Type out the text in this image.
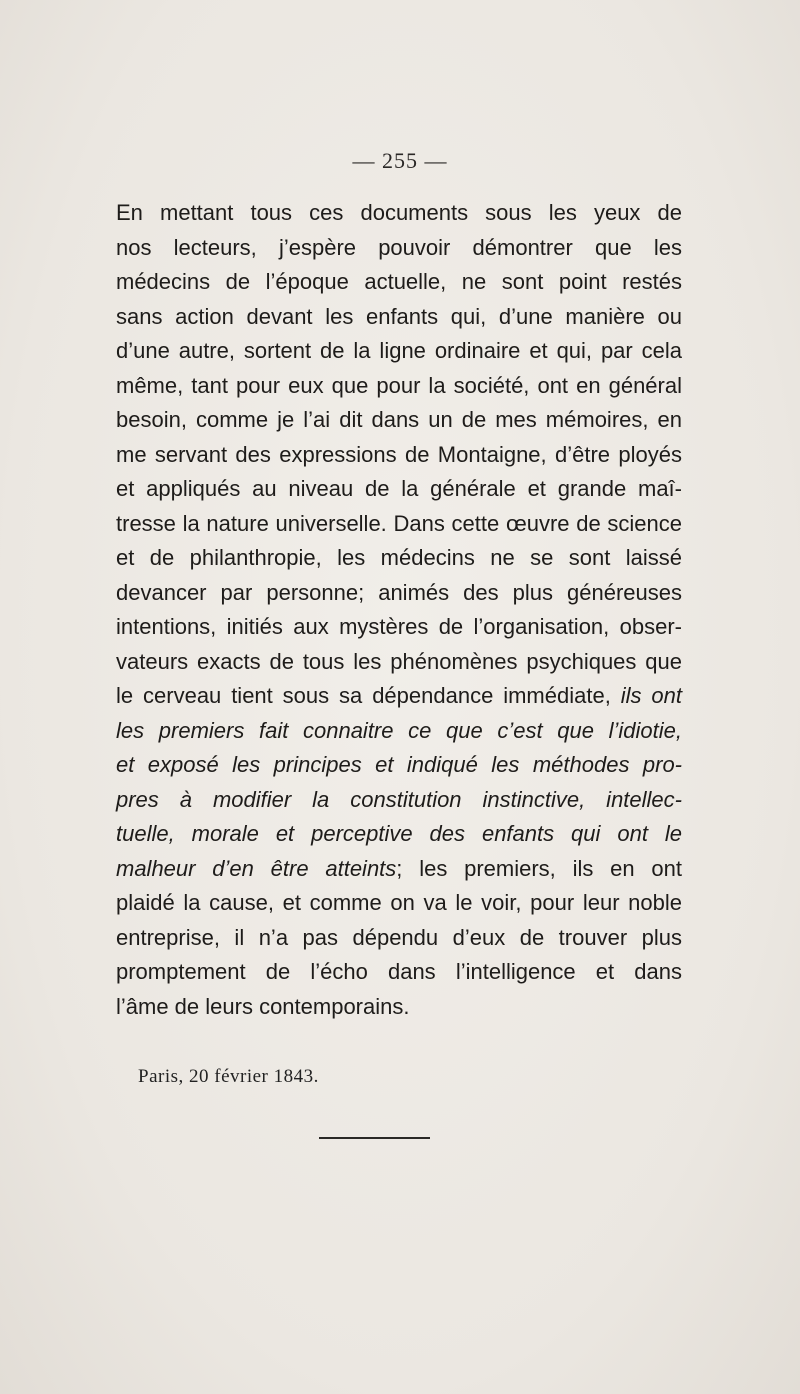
— 255 —
En mettant tous ces documents sous les yeux de
nos lecteurs, j’espère pouvoir démontrer que les
médecins de l’époque actuelle, ne sont point restés
sans action devant les enfants qui, d’une manière ou
d’une autre, sortent de la ligne ordinaire et qui, par cela
même, tant pour eux que pour la société, ont en général
besoin, comme je l’ai dit dans un de mes mémoires, en
me servant des expressions de Montaigne, d’être ployés
et appliqués au niveau de la générale et grande maî-
tresse la nature universelle. Dans cette œuvre de science
et de philanthropie, les médecins ne se sont laissé
devancer par personne; animés des plus généreuses
intentions, initiés aux mystères de l’organisation, obser-
vateurs exacts de tous les phénomènes psychiques que
le cerveau tient sous sa dépendance immédiate, ils ont
les premiers fait connaitre ce que c’est que l’idiotie,
et exposé les principes et indiqué les méthodes pro-
pres à modifier la constitution instinctive, intellec-
tuelle, morale et perceptive des enfants qui ont le
malheur d’en être atteints; les premiers, ils en ont
plaidé la cause, et comme on va le voir, pour leur noble
entreprise, il n’a pas dépendu d’eux de trouver plus
promptement de l’écho dans l’intelligence et dans
l’âme de leurs contemporains.
Paris, 20 février 1843.
